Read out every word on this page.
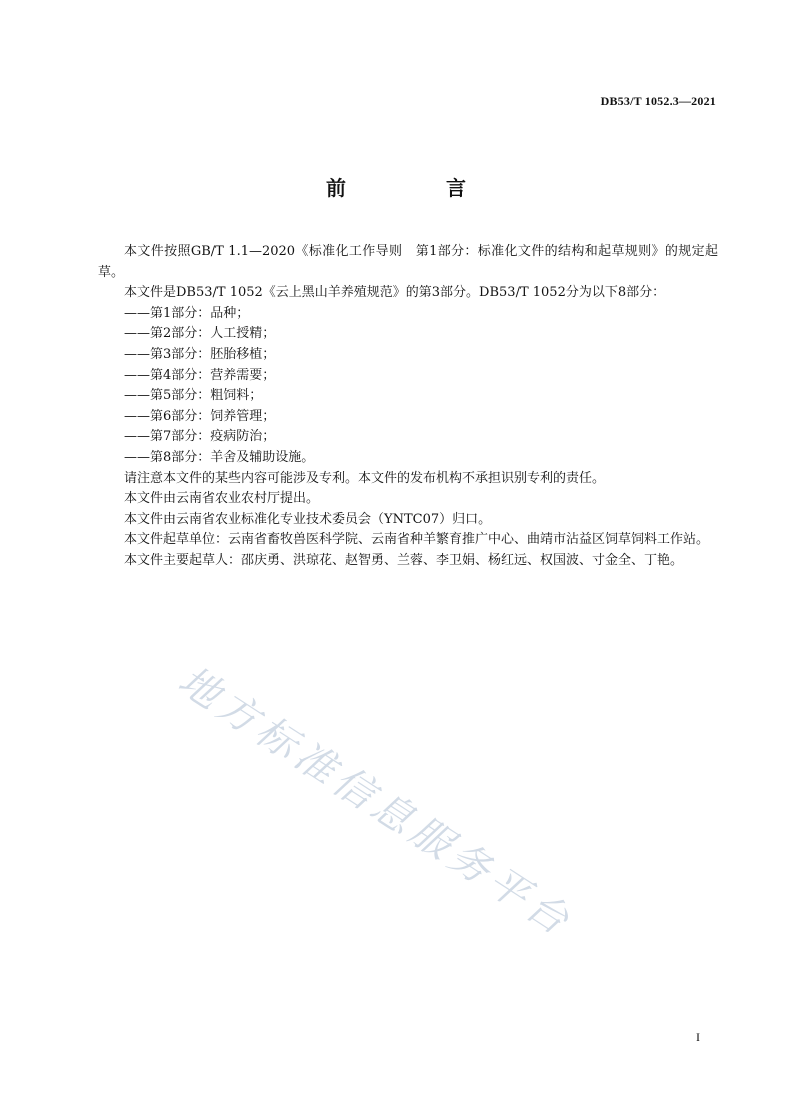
DB53/T 1052.3—2021
前　言

本文件按照GB/T 1.1—2020《标准化工作导则　第1部分：标准化文件的结构和起草规则》的规定起草。

本文件是DB53/T 1052《云上黑山羊养殖规范》的第3部分。DB53/T 1052分为以下8部分：

——第1部分：品种；

——第2部分：人工授精；

——第3部分：胚胎移植；

——第4部分：营养需要；

——第5部分：粗饲料；

——第6部分：饲养管理；

——第7部分：疫病防治；

——第8部分：羊舍及辅助设施。

请注意本文件的某些内容可能涉及专利。本文件的发布机构不承担识别专利的责任。

本文件由云南省农业农村厅提出。

本文件由云南省农业标准化专业技术委员会（YNTC07）归口。

本文件起草单位：云南省畜牧兽医科学院、云南省种羊繁育推广中心、曲靖市沾益区饲草饲料工作站。

本文件主要起草人：邵庆勇、洪琼花、赵智勇、兰蓉、李卫娟、杨红远、权国波、寸金全、丁艳。

地方标准信息服务平台
I
